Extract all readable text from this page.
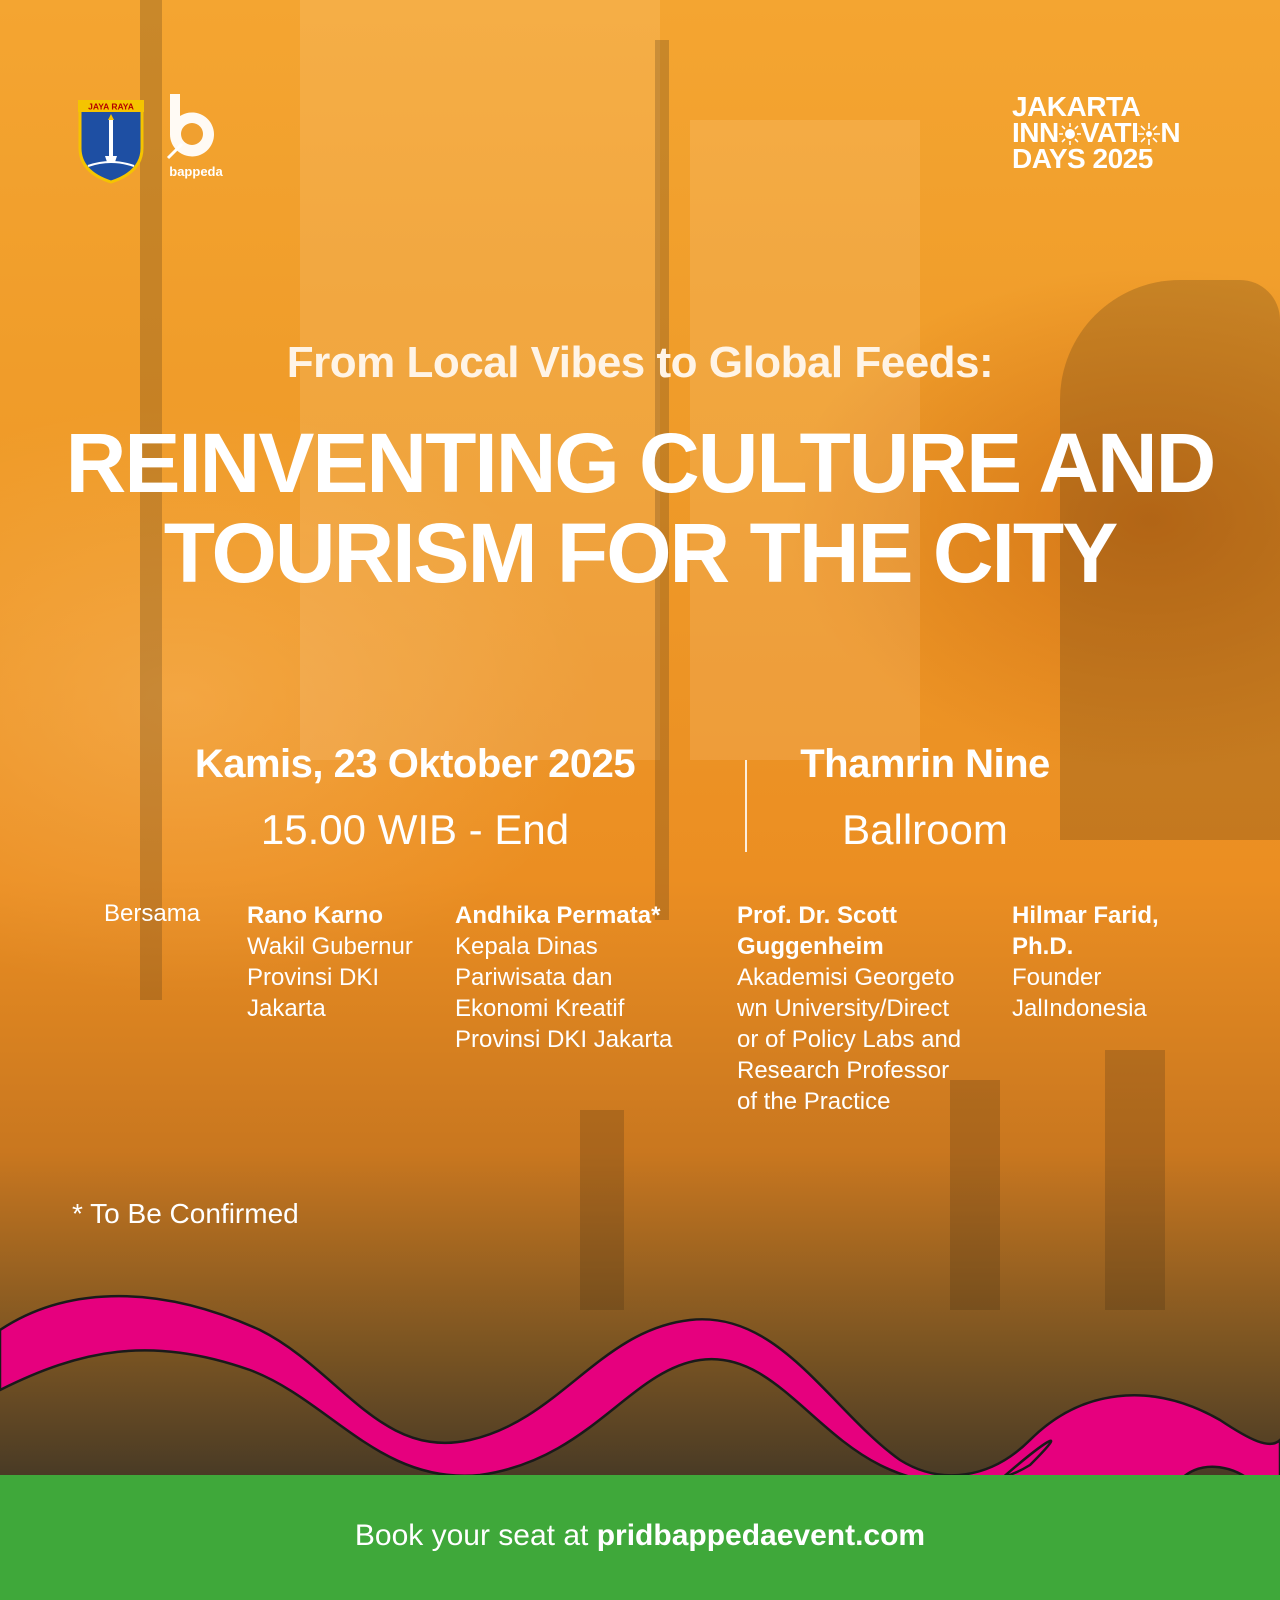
JAYA RAYA
bappeda
JAKARTA
INN VATI N
DAYS 2025
From Local Vibes to Global Feeds:
REINVENTING CULTURE AND TOURISM FOR THE CITY
Kamis, 23 Oktober 2025
15.00 WIB - End
Thamrin Nine
Ballroom
Bersama Rano Karno
Wakil Gubernur Provinsi DKI Jakarta
Andhika Permata*
Kepala Dinas Pariwisata dan Ekonomi Kreatif Provinsi DKI Jakarta
Prof. Dr. Scott Guggenheim
Akademisi Georgetown University/Director of Policy Labs and Research Professor of the Practice
Hilmar Farid, Ph.D.
Founder JalIndonesia
* To Be Confirmed
Book your seat at pridbappedaevent.com
